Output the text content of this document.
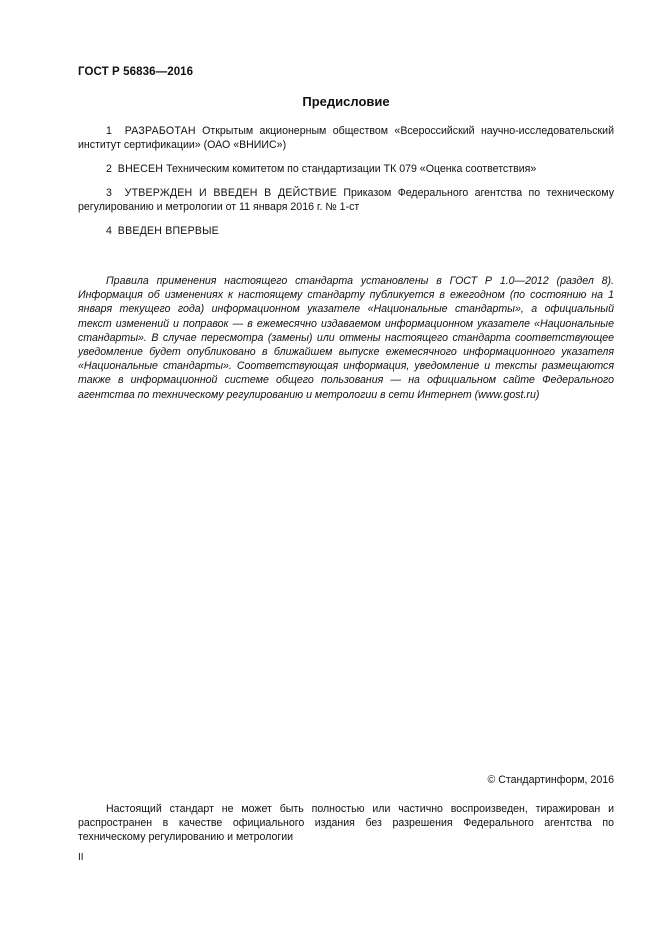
ГОСТ Р 56836—2016
Предисловие
1 РАЗРАБОТАН Открытым акционерным обществом «Всероссийский научно-исследовательский институт сертификации» (ОАО «ВНИИС»)
2 ВНЕСЕН Техническим комитетом по стандартизации ТК 079 «Оценка соответствия»
3 УТВЕРЖДЕН И ВВЕДЕН В ДЕЙСТВИЕ Приказом Федерального агентства по техническому регулированию и метрологии от 11 января 2016 г. № 1-ст
4 ВВЕДЕН ВПЕРВЫЕ
Правила применения настоящего стандарта установлены в ГОСТ Р 1.0—2012 (раздел 8). Информация об изменениях к настоящему стандарту публикуется в ежегодном (по состоянию на 1 января текущего года) информационном указателе «Национальные стандарты», а официальный текст изменений и поправок — в ежемесячно издаваемом информационном указателе «Национальные стандарты». В случае пересмотра (замены) или отмены настоящего стандарта соответствующее уведомление будет опубликовано в ближайшем выпуске ежемесячного информационного указателя «Национальные стандарты». Соответствующая информация, уведомление и тексты размещаются также в информационной системе общего пользования — на официальном сайте Федерального агентства по техническому регулированию и метрологии в сети Интернет (www.gost.ru)
© Стандартинформ, 2016
Настоящий стандарт не может быть полностью или частично воспроизведен, тиражирован и распространен в качестве официального издания без разрешения Федерального агентства по техническому регулированию и метрологии
II
